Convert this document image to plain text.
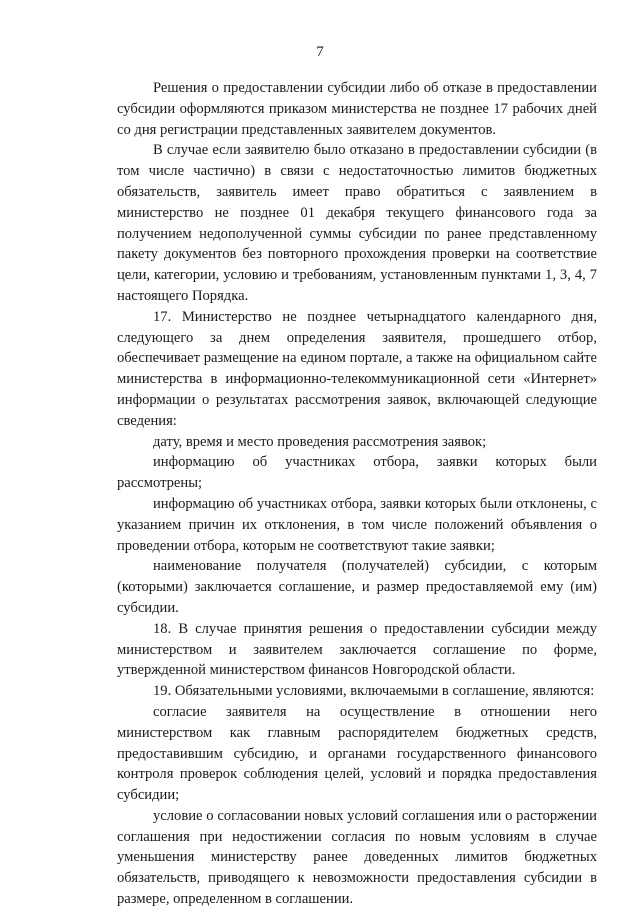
7

Решения о предоставлении субсидии либо об отказе в предоставлении субсидии оформляются приказом министерства не позднее 17 рабочих дней со дня регистрации представленных заявителем документов.

В случае если заявителю было отказано в предоставлении субсидии (в том числе частично) в связи с недостаточностью лимитов бюджетных обязательств, заявитель имеет право обратиться с заявлением в министерство не позднее 01 декабря текущего финансового года за получением недополученной суммы субсидии по ранее представленному пакету документов без повторного прохождения проверки на соответствие цели, категории, условию и требованиям, установленным пунктами 1, 3, 4, 7 настоящего Порядка.

17. Министерство не позднее четырнадцатого календарного дня, следующего за днем определения заявителя, прошедшего отбор, обеспечивает размещение на едином портале, а также на официальном сайте министерства в информационно-телекоммуникационной сети «Интернет» информации о результатах рассмотрения заявок, включающей следующие сведения:

дату, время и место проведения рассмотрения заявок;

информацию об участниках отбора, заявки которых были рассмотрены;

информацию об участниках отбора, заявки которых были отклонены, с указанием причин их отклонения, в том числе положений объявления о проведении отбора, которым не соответствуют такие заявки;

наименование получателя (получателей) субсидии, с которым (которыми) заключается соглашение, и размер предоставляемой ему (им) субсидии.

18. В случае принятия решения о предоставлении субсидии между министерством и заявителем заключается соглашение по форме, утвержденной министерством финансов Новгородской области.

19. Обязательными условиями, включаемыми в соглашение, являются:

согласие заявителя на осуществление в отношении него министерством как главным распорядителем бюджетных средств, предоставившим субсидию, и органами государственного финансового контроля проверок соблюдения целей, условий и порядка предоставления субсидии;

условие о согласовании новых условий соглашения или о расторжении соглашения при недостижении согласия по новым условиям в случае уменьшения министерству ранее доведенных лимитов бюджетных обязательств, приводящего к невозможности предоставления субсидии в размере, определенном в соглашении.
